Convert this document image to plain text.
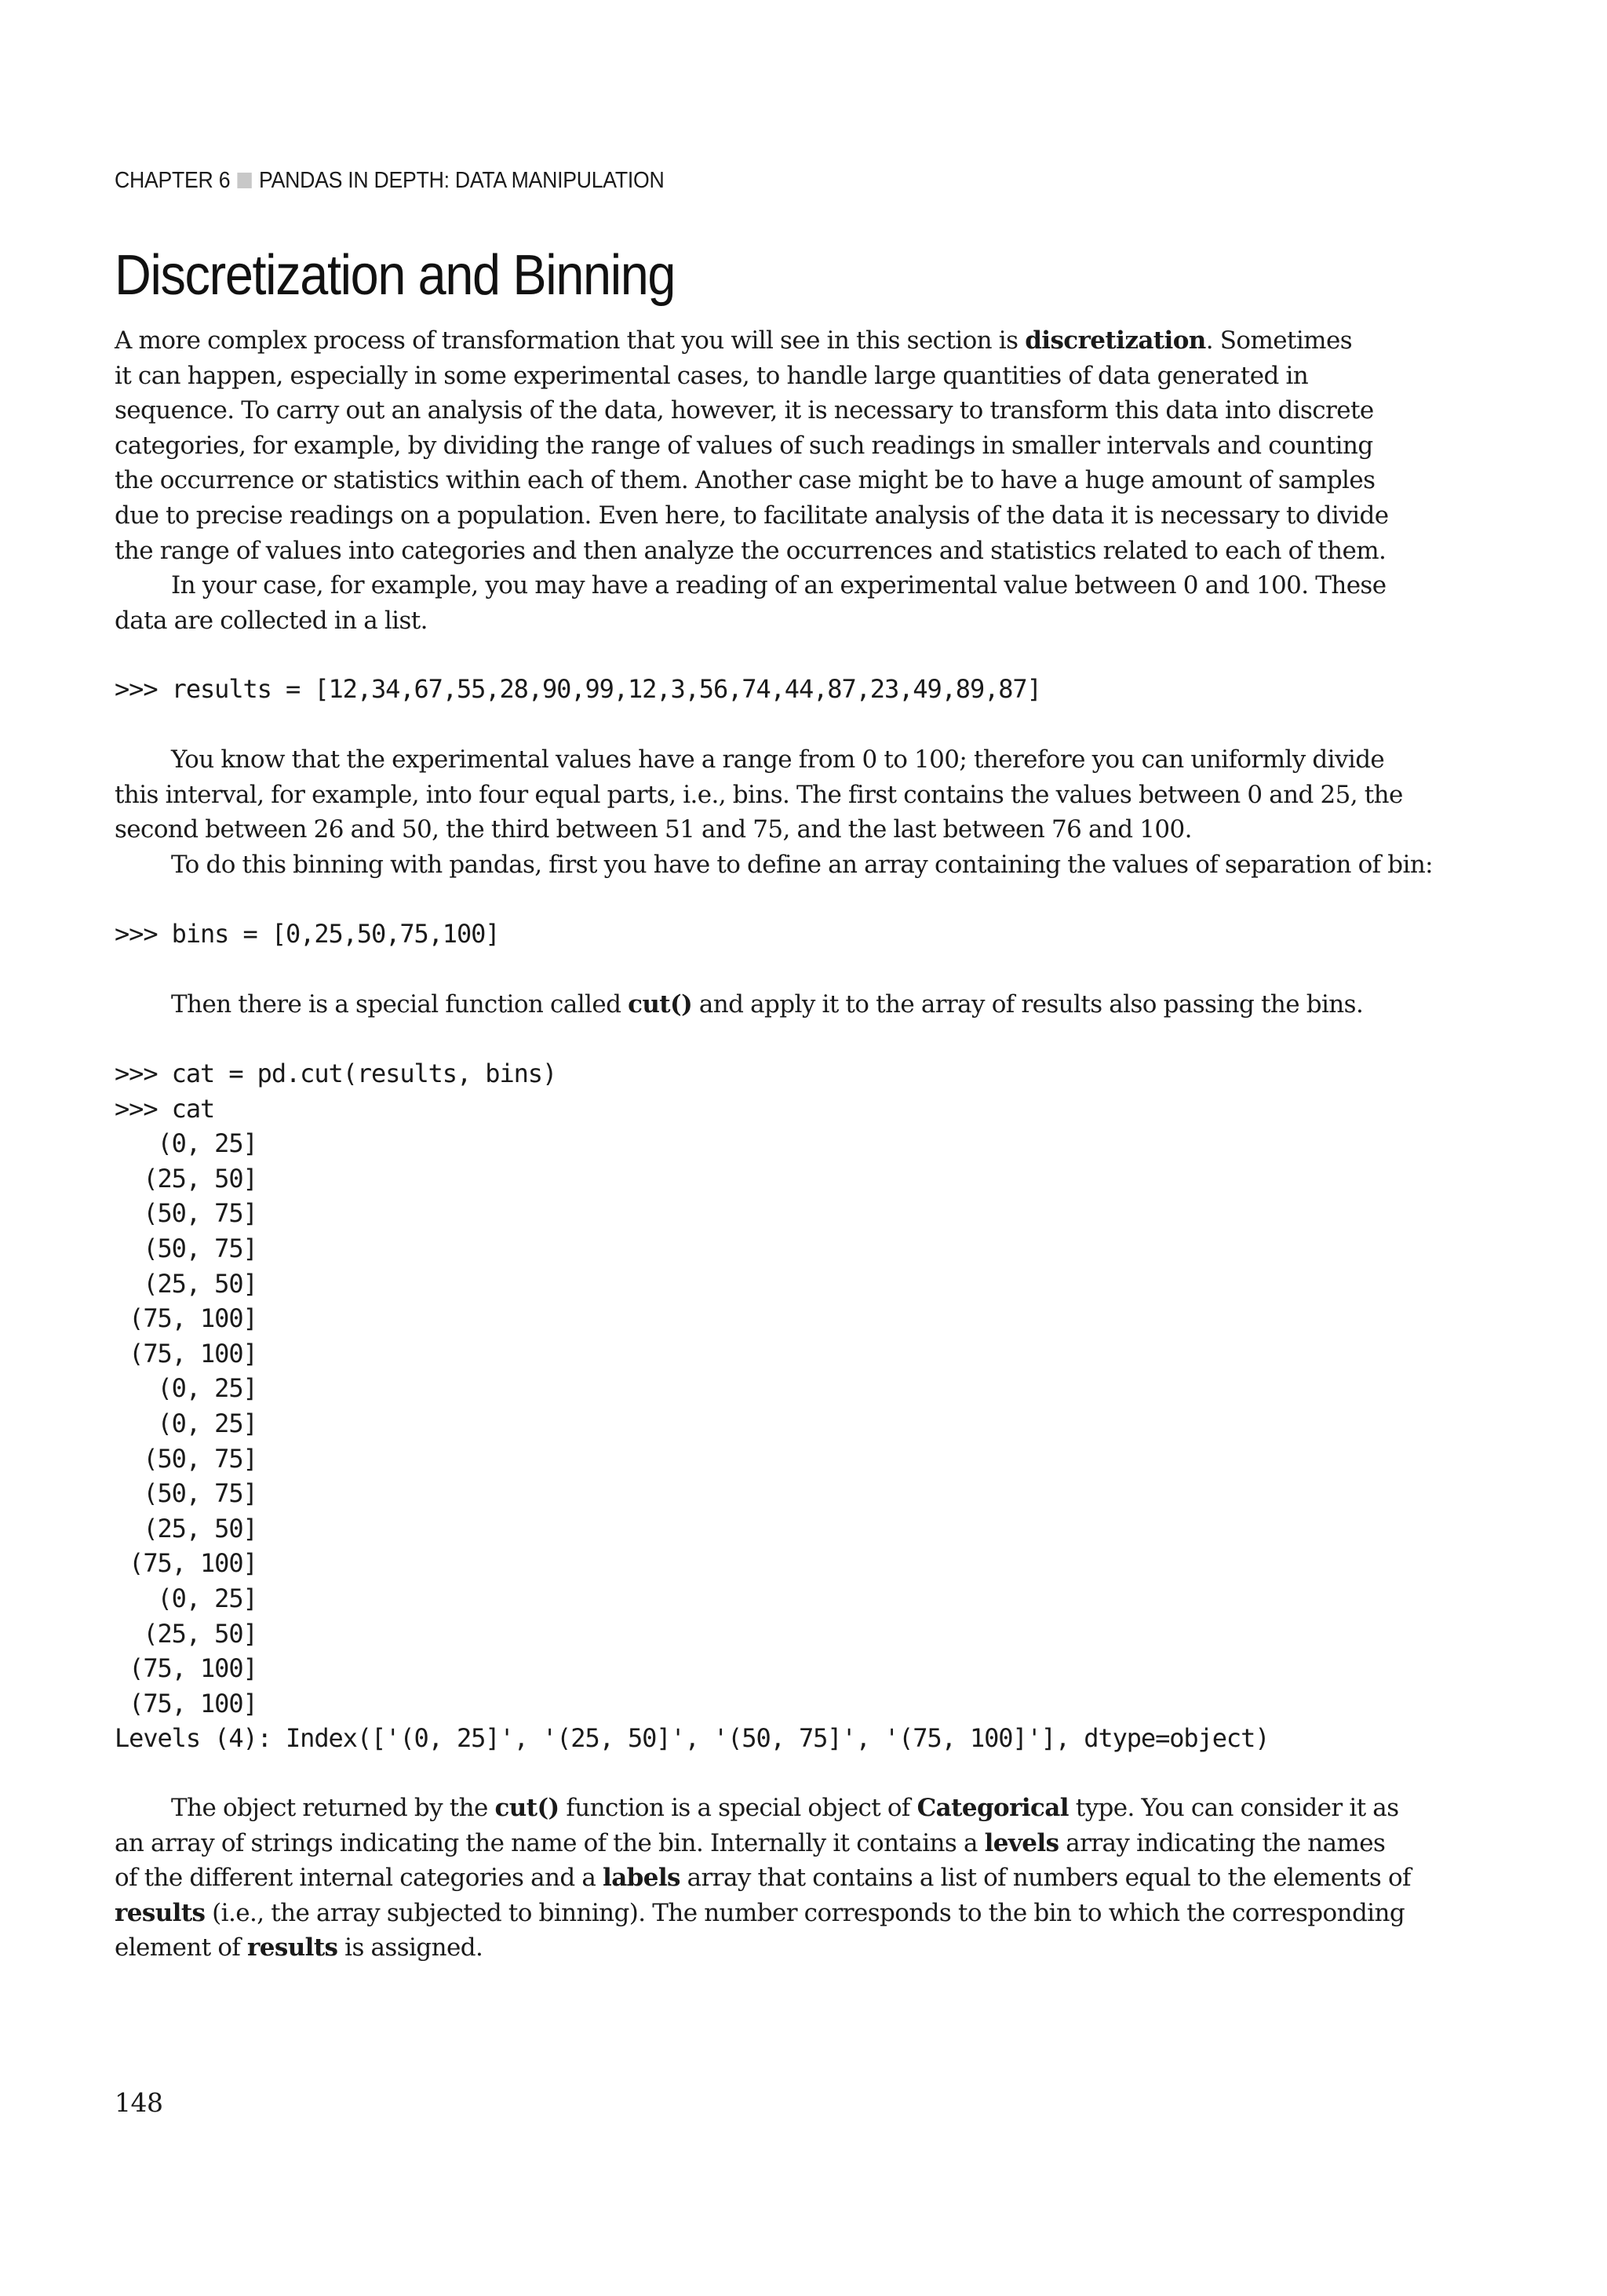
CHAPTER 6 PANDAS IN DEPTH: DATA MANIPULATION
Discretization and Binning
A more complex process of transformation that you will see in this section is discretization. Sometimes
it can happen, especially in some experimental cases, to handle large quantities of data generated in
sequence. To carry out an analysis of the data, however, it is necessary to transform this data into discrete
categories, for example, by dividing the range of values of such readings in smaller intervals and counting
the occurrence or statistics within each of them. Another case might be to have a huge amount of samples
due to precise readings on a population. Even here, to facilitate analysis of the data it is necessary to divide
the range of values into categories and then analyze the occurrences and statistics related to each of them.
In your case, for example, you may have a reading of an experimental value between 0 and 100. These
data are collected in a list.
>>> results = [12,34,67,55,28,90,99,12,3,56,74,44,87,23,49,89,87]
You know that the experimental values have a range from 0 to 100; therefore you can uniformly divide
this interval, for example, into four equal parts, i.e., bins. The first contains the values between 0 and 25, the
second between 26 and 50, the third between 51 and 75, and the last between 76 and 100.
To do this binning with pandas, first you have to define an array containing the values of separation of bin:
>>> bins = [0,25,50,75,100]
Then there is a special function called cut() and apply it to the array of results also passing the bins.
>>> cat = pd.cut(results, bins)
>>> cat
(0, 25]
(25, 50]
(50, 75]
(50, 75]
(25, 50]
(75, 100]
(75, 100]
(0, 25]
(0, 25]
(50, 75]
(50, 75]
(25, 50]
(75, 100]
(0, 25]
(25, 50]
(75, 100]
(75, 100]
Levels (4): Index(['(0, 25]', '(25, 50]', '(50, 75]', '(75, 100]'], dtype=object)
The object returned by the cut() function is a special object of Categorical type. You can consider it as
an array of strings indicating the name of the bin. Internally it contains a levels array indicating the names
of the different internal categories and a labels array that contains a list of numbers equal to the elements of
results (i.e., the array subjected to binning). The number corresponds to the bin to which the corresponding
element of results is assigned.
148
